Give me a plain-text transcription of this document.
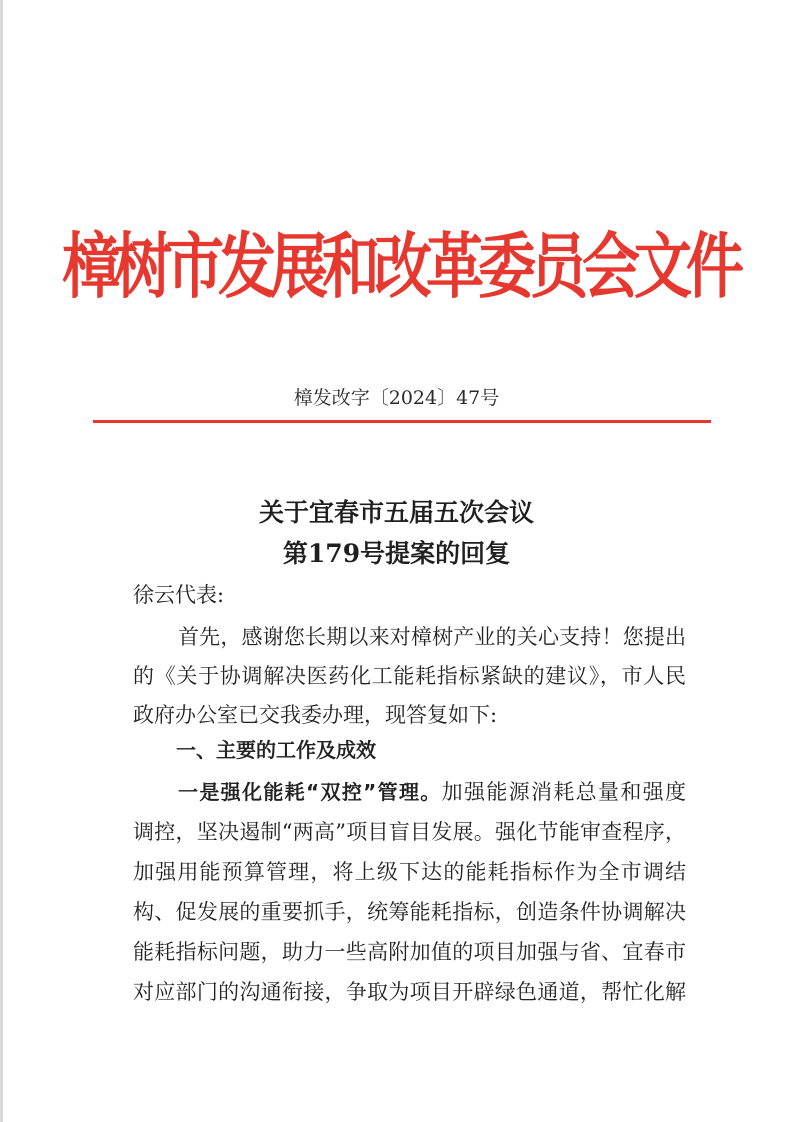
樟树市发展和改革委员会文件
樟发改字〔2024〕47号
关于宜春市五届五次会议
第179号提案的回复
徐云代表:
首先，感谢您长期以来对樟树产业的关心支持！您提出
的《关于协调解决医药化工能耗指标紧缺的建议》，市人民
政府办公室已交我委办理，现答复如下:
一、主要的工作及成效
一是强化能耗“双控”管理。加强能源消耗总量和强度
调控，坚决遏制“两高”项目盲目发展。强化节能审查程序，
加强用能预算管理，将上级下达的能耗指标作为全市调结
构、促发展的重要抓手，统筹能耗指标，创造条件协调解决
能耗指标问题，助力一些高附加值的项目加强与省、宜春市
对应部门的沟通衔接，争取为项目开辟绿色通道，帮忙化解
